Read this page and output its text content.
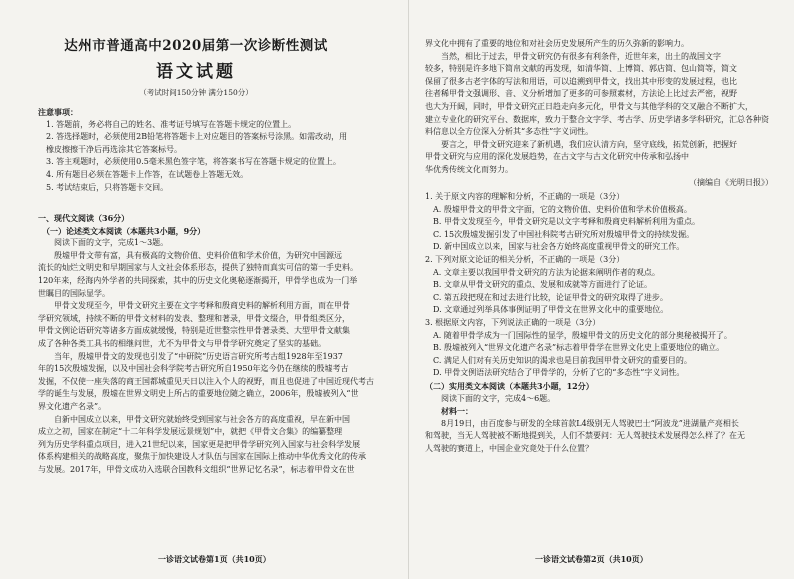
达州市普通高中2020届第一次诊断性测试
语文试题
（考试时间150分钟 满分150分）

注意事项：

1. 答题前，务必将自己的姓名、准考证号填写在答题卡规定的位置上。

2. 答选择题时，必须使用2B铅笔将答题卡上对应题目的答案标号涂黑。如需改动，用

橡皮擦擦干净后再选涂其它答案标号。

3. 答主观题时，必须使用0.5毫米黑色签字笔，将答案书写在答题卡规定的位置上。

4. 所有题目必须在答题卡上作答，在试题卷上答题无效。

5. 考试结束后，只将答题卡交回。

一、现代文阅读（36分）

（一）论述类文本阅读（本题共3小题，9分）

阅读下面的文字，完成1～3题。

殷墟甲骨文带有富，具有极高的文物价值、史料价值和学术价值，为研究中国源远

流长的灿烂文明史和早期国家与人文社会体系形态，提供了独特而真实可信的第一手史料。

120年来，经海内外学者的共同探索，其中的历史文化奥秘逐渐揭开，甲骨学也成为一门举

世瞩目的国际显学。

甲骨文发现至今，甲骨文研究主要在文字考释和殷商史料的解析利用方面，而在甲骨

学研究领域，持续不断的甲骨文材料的发表、整理和著录，甲骨文缀合，甲骨组类区分，

甲骨文例论语研究等诸多方面成就缓慢，特别是近世整宗性甲骨著录类、大型甲骨文献集

成了各种各类工具书的相继问世，尤不为甲骨文与甲骨学研究奠定了坚实的基础。

当年，殷墟甲骨文的发现也引发了“中研院”历史语言研究所考古组1928年至1937

年的15次殷墟发掘，以及中国社会科学院考古研究所自1950年迄今仍在继续的殷墟考古

发掘，不仅使一座失落的商王国都城重见天日以注入个人的视野，而且也促进了中国近现代考古

学的诞生与发展，殷墟在世界文明史上所占的重要地位随之确立，2006年，殷墟被列入“世

界文化遗产名录”。

自新中国成立以来，甲骨文研究就始终受到国家与社会各方的高度重视，早在新中国

成立之初，国家在制定“十二年科学发展远景规划”中，就把《甲骨文合集》的编纂整理

列为历史学科重点项目，进入21世纪以来，国家更是把甲骨学研究列入国家与社会科学发展

体系构建相关的战略高度，聚焦于加快建设人才队伍与国家在国际上推动中华优秀文化的传承

与发展。2017年，甲骨文成功入选联合国教科文组织“世界记忆名录”，标志着甲骨文在世

一诊语文试卷第1页（共10页）

界文化中拥有了重要的地位和对社会历史发展所产生的历久弥新的影响力。

当然，相比于过去，甲骨文研究仍有很多有利条件，近世年来，出土的战国文字

较多，特别是许多地下简帛文献的再发现，如清华简、上博简、郭店简、包山简等，简文

保留了很多古老字体的写法和用语，可以追溯到甲骨文，找出其中形变的发展过程，也比

往者稀甲骨文强调形、音、义分析增加了更多的可参照素材，方法论上比过去严密，视野

也大为开阔，同时，甲骨文研究正日趋走向多元化，甲骨文与其他学科的交叉融合不断扩大，

建立专业化的研究平台、数据库，致力于整合文字学、考古学、历史学诸多学科研究，汇总各种资

料信息以全方位深入分析其“多态性”字义词性。

要言之，甲骨文研究迎来了新机遇，我们应认清方向，坚守底线，拓荒创新，把握好

甲骨文研究与应用的深化发展趋势，在古文字与古文化研究中传承和弘扬中

华优秀传统文化而努力。

（摘编自《光明日报》）

1. 关于原文内容的理解和分析，不正确的一项是（3分）

A. 殷墟甲骨文的甲骨文字面，它的文物价值、史料价值和学术价值极高。

B. 甲骨文发现至今，甲骨文研究是以文字考释和殷商史料解析利用为重点。

C. 15次殷墟发掘引发了中国社科院考古研究所对殷墟甲骨文的持续发掘。

D. 新中国成立以来，国家与社会各方始终高度重视甲骨文的研究工作。

2. 下列对原文论证的相关分析，不正确的一项是（3分）

A. 文章主要以我国甲骨文研究的方法为论据来阐明作者的观点。

B. 文章从甲骨文研究的重点、发展和成就等方面进行了论证。

C. 第五段把现在和过去进行比较，论证甲骨文的研究取得了进步。

D. 文章通过列举具体事例证明了甲骨文在世界文化中的重要地位。

3. 根据原文内容，下列说法正确的一项是（3分）

A. 随着甲骨学成为一门国际性的显学，殷墟甲骨文的历史文化的部分奥秘被揭开了。

B. 殷墟被列入“世界文化遗产名录”标志着甲骨学在世界文化史上重要地位的确立。

C. 满足人们对有关历史知识的渴求也是目前我国甲骨文研究的重要目的。

D. 甲骨文例语法研究结合了甲骨学的，分析了它的“多态性”字义词性。

（二）实用类文本阅读（本题共3小题，12分）

阅读下面的文字，完成4～6题。

材料一：

8月19日，由百度参与研发的全球首款L4级别无人驾驶巴士“阿波龙”进湖量产亮相长

和驾驶，当无人驾驶被不断地提到关，人们不禁要问：无人驾驶技术发展得怎么样了？在无

人驾驶的赛道上，中国企业究竟处于什么位置？

一诊语文试卷第2页（共10页）
